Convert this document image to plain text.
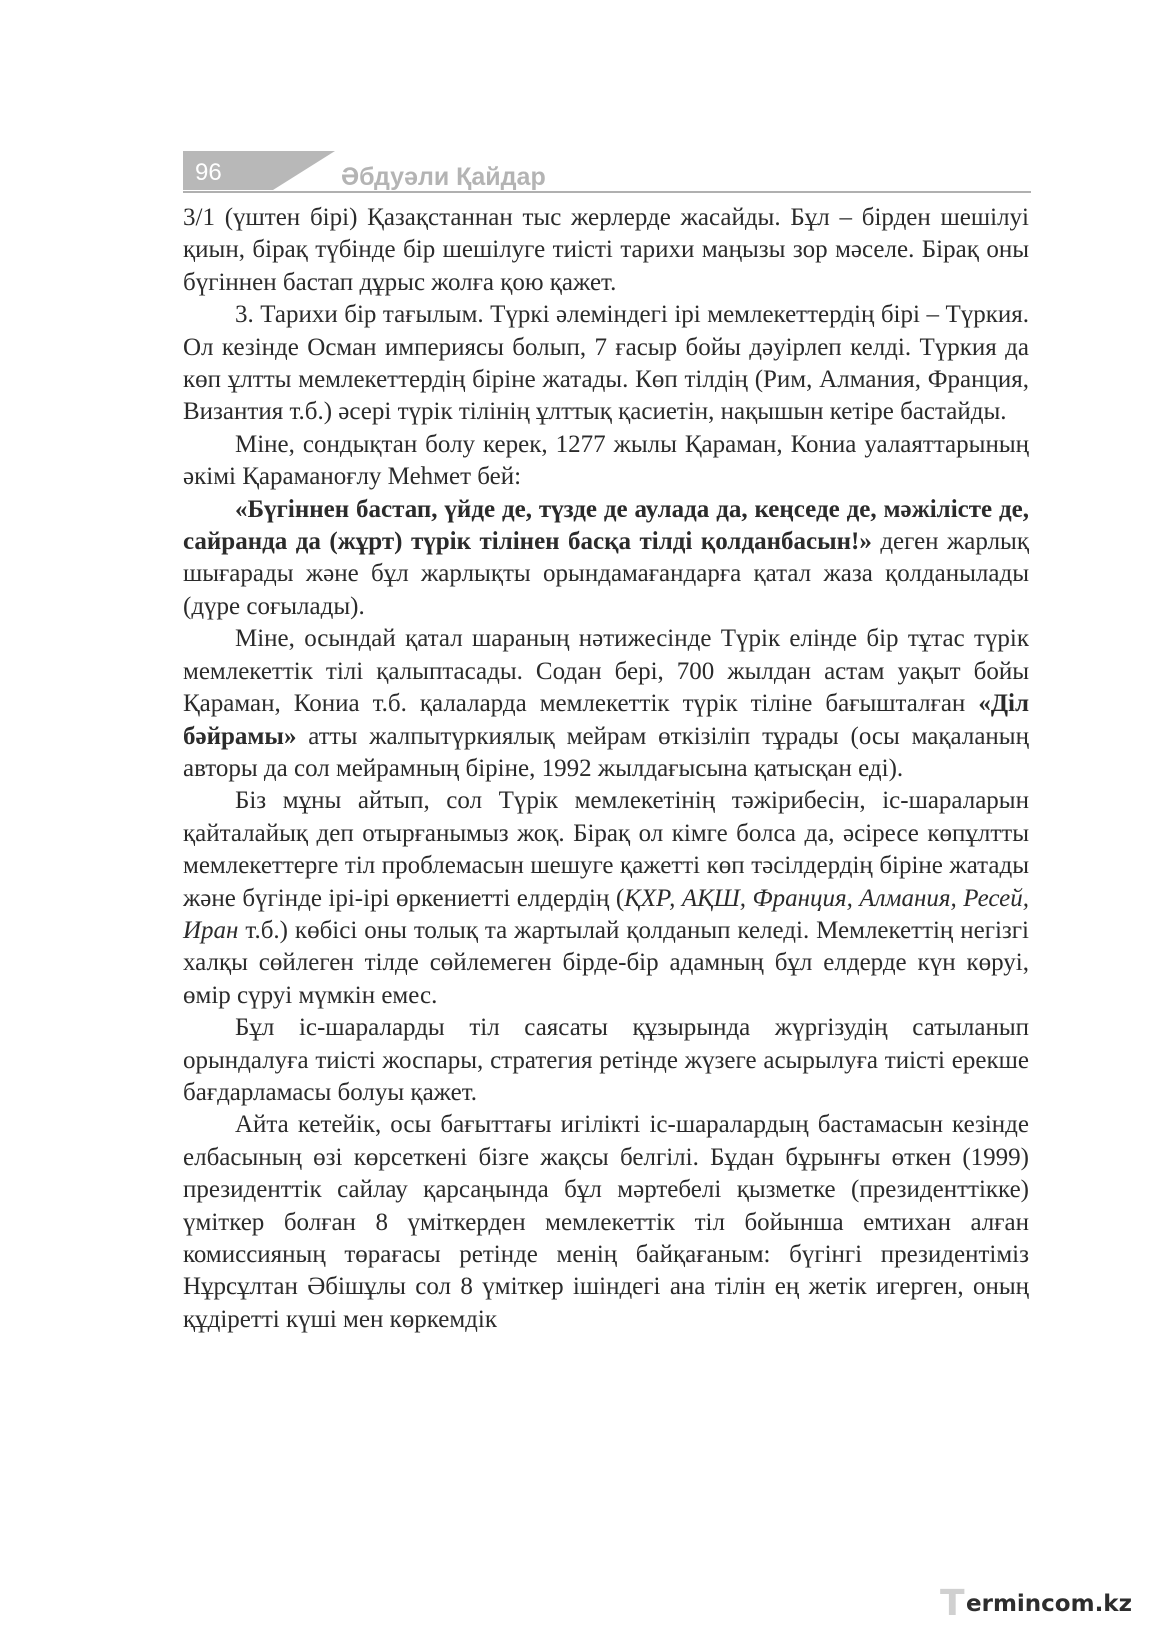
96	Әбдуәли Қайдар

3/1 (үштен бірі) Қазақстаннан тыс жерлерде жасайды. Бұл – бірден шешілуі қиын, бірақ түбінде бір шешілуге тиісті тарихи маңызы зор мәселе. Бірақ оны бүгіннен бастап дұрыс жолға қою қажет.

3. Тарихи бір тағылым. Түркі әлеміндегі ірі мемлекеттердің бірі – Түркия. Ол кезінде Осман империясы болып, 7 ғасыр бойы дәуірлеп келді. Түркия да көп ұлтты мемлекеттердің біріне жатады. Көп тілдің (Рим, Алмания, Франция, Византия т.б.) әсері түрік тілінің ұлттық қасиетін, нақышын кетіре бастайды.

Міне, сондықтан болу керек, 1277 жылы Қараман, Кониа уалаяттарының әкімі Қараманоғлу Меһмет бей:

«Бүгіннен бастап, үйде де, түзде де аулада да, кеңседе де, мәжілісте де, сайранда да (жұрт) түрік тілінен басқа тілді қолданбасын!» деген жарлық шығарады және бұл жарлықты орындамағандарға қатал жаза қолданылады (дүре соғылады).

Міне, осындай қатал шараның нәтижесінде Түрік елінде бір тұтас түрік мемлекеттік тілі қалыптасады. Содан бері, 700 жылдан астам уақыт бойы Қараман, Кониа т.б. қалаларда мемлекеттік түрік тіліне бағышталған «Діл бәйрамы» атты жалпытүркиялық мейрам өткізіліп тұрады (осы мақаланың авторы да сол мейрамның біріне, 1992 жылдағысына қатысқан еді).

Біз мұны айтып, сол Түрік мемлекетінің тәжірибесін, іс-шараларын қайталайық деп отырғанымыз жоқ. Бірақ ол кімге болса да, әсіресе көпұлтты мемлекеттерге тіл проблемасын шешуге қажетті көп тәсілдердің біріне жатады және бүгінде ірі-ірі өркениетті елдердің (ҚХР, АҚШ, Франция, Алмания, Ресей, Иран т.б.) көбісі оны толық та жартылай қолданып келеді. Мемлекеттің негізгі халқы сөйлеген тілде сөйлемеген бірде-бір адамның бұл елдерде күн көруі, өмір сүруі мүмкін емес.

Бұл іс-шараларды тіл саясаты құзырында жүргізудің сатыланып орындалуға тиісті жоспары, стратегия ретінде жүзеге асырылуға тиісті ерекше бағдарламасы болуы қажет.

Айта кетейік, осы бағыттағы игілікті іс-шаралардың бастамасын кезінде елбасының өзі көрсеткені бізге жақсы белгілі. Бұдан бұрынғы өткен (1999) президенттік сайлау қарсаңында бұл мәртебелі қызметке (президенттікке) үміткер болған 8 үміткерден мемлекеттік тіл бойынша емтихан алған комиссияның төрағасы ретінде менің байқағаным: бүгінгі президентіміз Нұрсұлтан Әбішұлы сол 8 үміткер ішіндегі ана тілін ең жетік игерген, оның құдіретті күші мен көркемдік

T ermincom.kz
